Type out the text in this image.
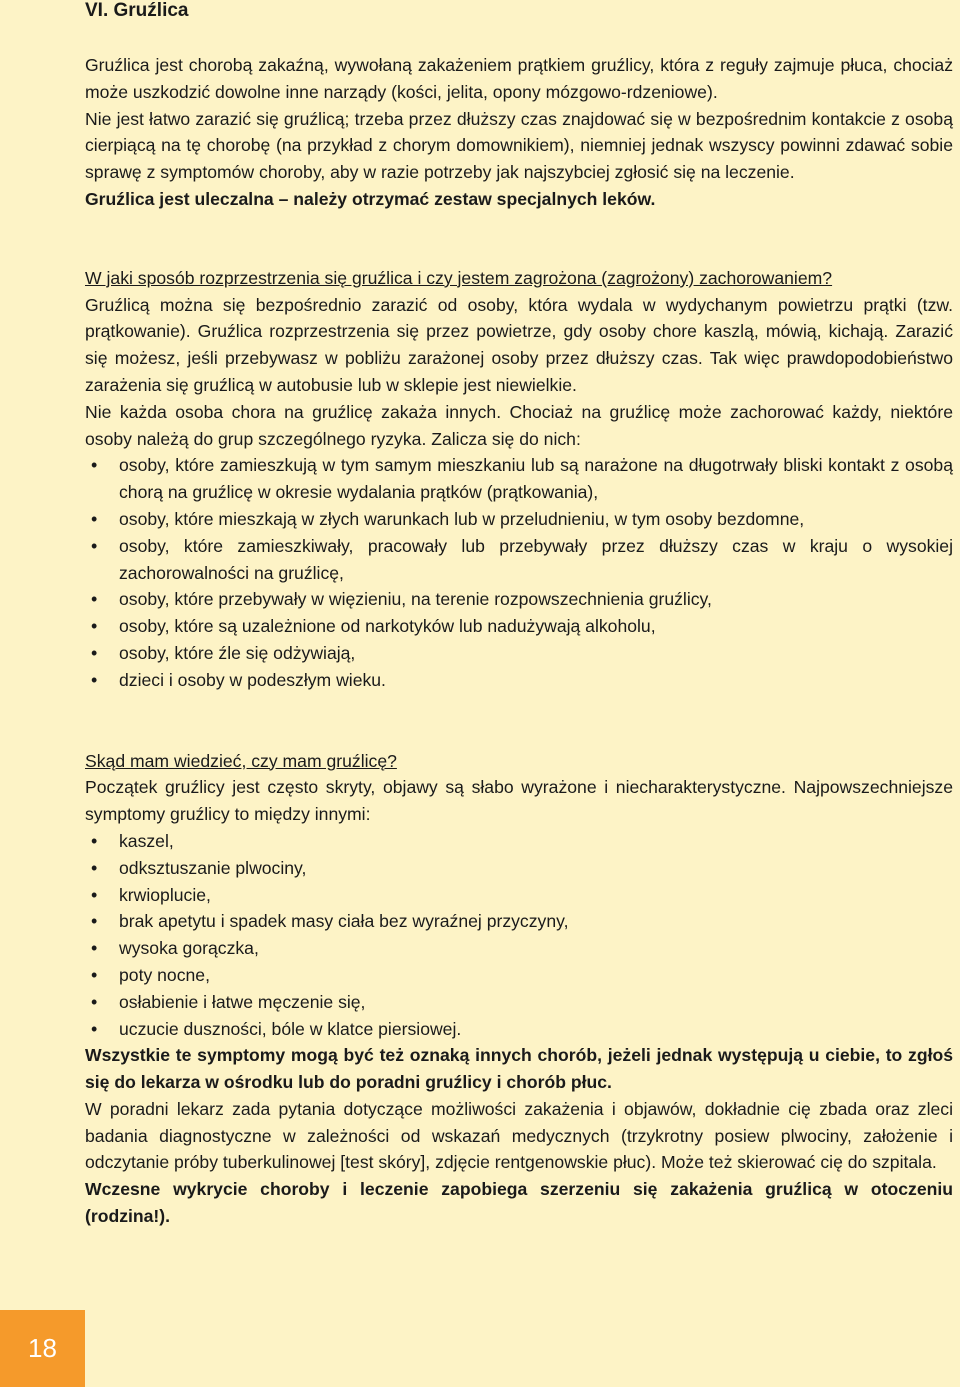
VI. Gruźlica

Gruźlica jest chorobą zakaźną, wywołaną zakażeniem prątkiem gruźlicy, która z reguły zajmuje płuca, chociaż może uszkodzić dowolne inne narządy (kości, jelita, opony mózgowo-rdzeniowe).

Nie jest łatwo zarazić się gruźlicą; trzeba przez dłuższy czas znajdować się w bezpośrednim kontakcie z osobą cierpiącą na tę chorobę (na przykład z chorym domownikiem), niemniej jednak wszyscy powinni zdawać sobie sprawę z symptomów choroby, aby w razie potrzeby jak najszybciej zgłosić się na leczenie.

Gruźlica jest uleczalna – należy otrzymać zestaw specjalnych leków.

W jaki sposób rozprzestrzenia się gruźlica i czy jestem zagrożona (zagrożony) zachorowaniem?

Gruźlicą można się bezpośrednio zarazić od osoby, która wydala w wydychanym powietrzu prątki (tzw. prątkowanie). Gruźlica rozprzestrzenia się przez powietrze, gdy osoby chore kaszlą, mówią, kichają. Zarazić się możesz, jeśli przebywasz w pobliżu zarażonej osoby przez dłuższy czas. Tak więc prawdopodobieństwo zarażenia się gruźlicą w autobusie lub w sklepie jest niewielkie.

Nie każda osoba chora na gruźlicę zakaża innych. Chociaż na gruźlicę może zachorować każdy, niektóre osoby należą do grup szczególnego ryzyka. Zalicza się do nich:

• osoby, które zamieszkują w tym samym mieszkaniu lub są narażone na długotrwały bliski kontakt z osobą chorą na gruźlicę w okresie wydalania prątków (prątkowania),
• osoby, które mieszkają w złych warunkach lub w przeludnieniu, w tym osoby bezdomne,
• osoby, które zamieszkiwały, pracowały lub przebywały przez dłuższy czas w kraju o wysokiej zachorowalności na gruźlicę,
• osoby, które przebywały w więzieniu, na terenie rozpowszechnienia gruźlicy,
• osoby, które są uzależnione od narkotyków lub nadużywają alkoholu,
• osoby, które źle się odżywiają,
• dzieci i osoby w podeszłym wieku.
Skąd mam wiedzieć, czy mam gruźlicę?

Początek gruźlicy jest często skryty, objawy są słabo wyrażone i niecharakterystyczne. Najpowszechniejsze symptomy gruźlicy to między innymi:

• kaszel,
• odksztuszanie plwociny,
• krwioplucie,
• brak apetytu i spadek masy ciała bez wyraźnej przyczyny,
• wysoka gorączka,
• poty nocne,
• osłabienie i łatwe męczenie się,
• uczucie duszności, bóle w klatce piersiowej.

Wszystkie te symptomy mogą być też oznaką innych chorób, jeżeli jednak występują u ciebie, to zgłoś się do lekarza w ośrodku lub do poradni gruźlicy i chorób płuc.

W poradni lekarz zada pytania dotyczące możliwości zakażenia i objawów, dokładnie cię zbada oraz zleci badania diagnostyczne w zależności od wskazań medycznych (trzykrotny posiew plwociny, założenie i odczytanie próby tuberkulinowej [test skóry], zdjęcie rentgenowskie płuc). Może też skierować cię do szpitala.

Wczesne wykrycie choroby i leczenie zapobiega szerzeniu się zakażenia gruźlicą w otoczeniu (rodzina!).

18
